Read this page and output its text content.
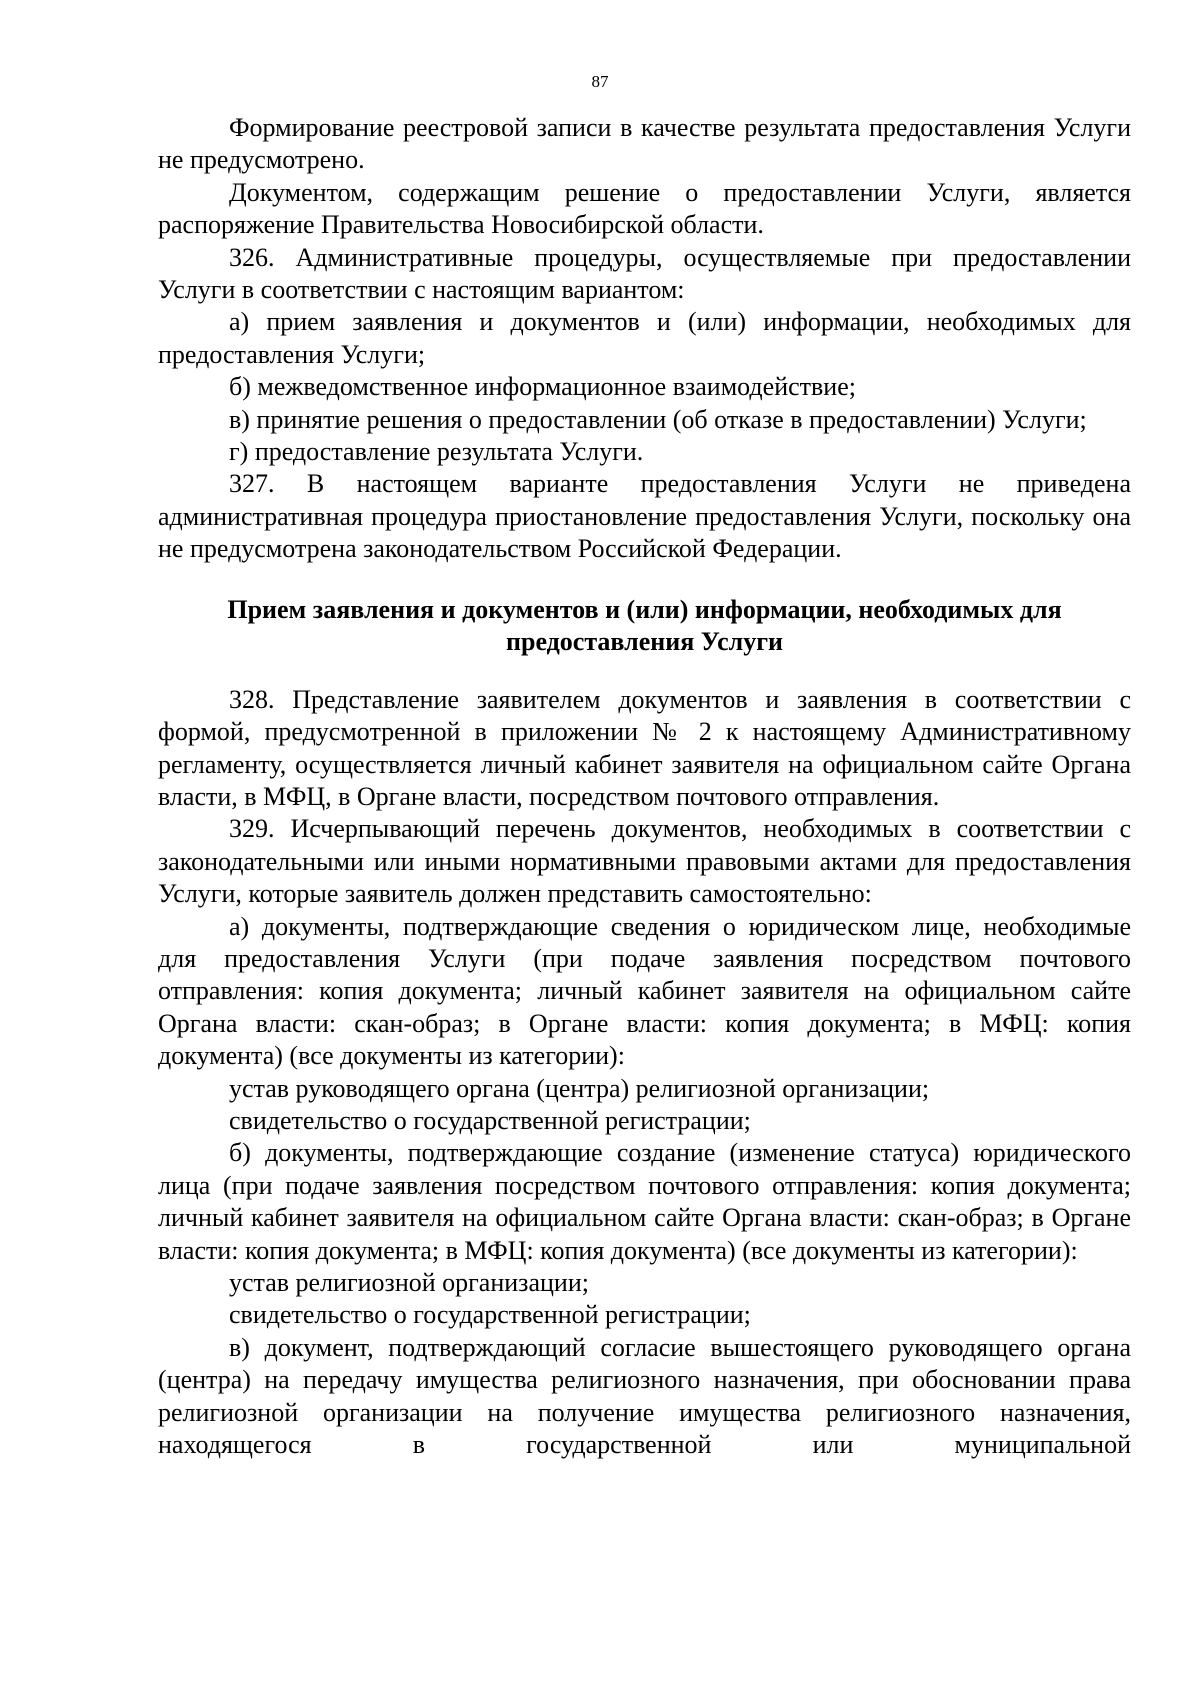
87

Формирование реестровой записи в качестве результата предоставления Услуги не предусмотрено.

Документом, содержащим решение о предоставлении Услуги, является распоряжение Правительства Новосибирской области.

326. Административные процедуры, осуществляемые при предоставлении Услуги в соответствии с настоящим вариантом:

а) прием заявления и документов и (или) информации, необходимых для предоставления Услуги;

б) межведомственное информационное взаимодействие;

в) принятие решения о предоставлении (об отказе в предоставлении) Услуги;

г) предоставление результата Услуги.

327. В настоящем варианте предоставления Услуги не приведена административная процедура приостановление предоставления Услуги, поскольку она не предусмотрена законодательством Российской Федерации.

Прием заявления и документов и (или) информации, необходимых для предоставления Услуги

328. Представление заявителем документов и заявления в соответствии с формой, предусмотренной в приложении № 2 к настоящему Административному регламенту, осуществляется личный кабинет заявителя на официальном сайте Органа власти, в МФЦ, в Органе власти, посредством почтового отправления.

329. Исчерпывающий перечень документов, необходимых в соответствии с законодательными или иными нормативными правовыми актами для предоставления Услуги, которые заявитель должен представить самостоятельно:

а) документы, подтверждающие сведения о юридическом лице, необходимые для предоставления Услуги (при подаче заявления посредством почтового отправления: копия документа; личный кабинет заявителя на официальном сайте Органа власти: скан-образ; в Органе власти: копия документа; в МФЦ: копия документа) (все документы из категории):

устав руководящего органа (центра) религиозной организации;

свидетельство о государственной регистрации;

б) документы, подтверждающие создание (изменение статуса) юридического лица (при подаче заявления посредством почтового отправления: копия документа; личный кабинет заявителя на официальном сайте Органа власти: скан-образ; в Органе власти: копия документа; в МФЦ: копия документа) (все документы из категории):

устав религиозной организации;

свидетельство о государственной регистрации;

в) документ, подтверждающий согласие вышестоящего руководящего органа (центра) на передачу имущества религиозного назначения, при обосновании права религиозной организации на получение имущества религиозного назначения, находящегося в государственной или муниципальной
